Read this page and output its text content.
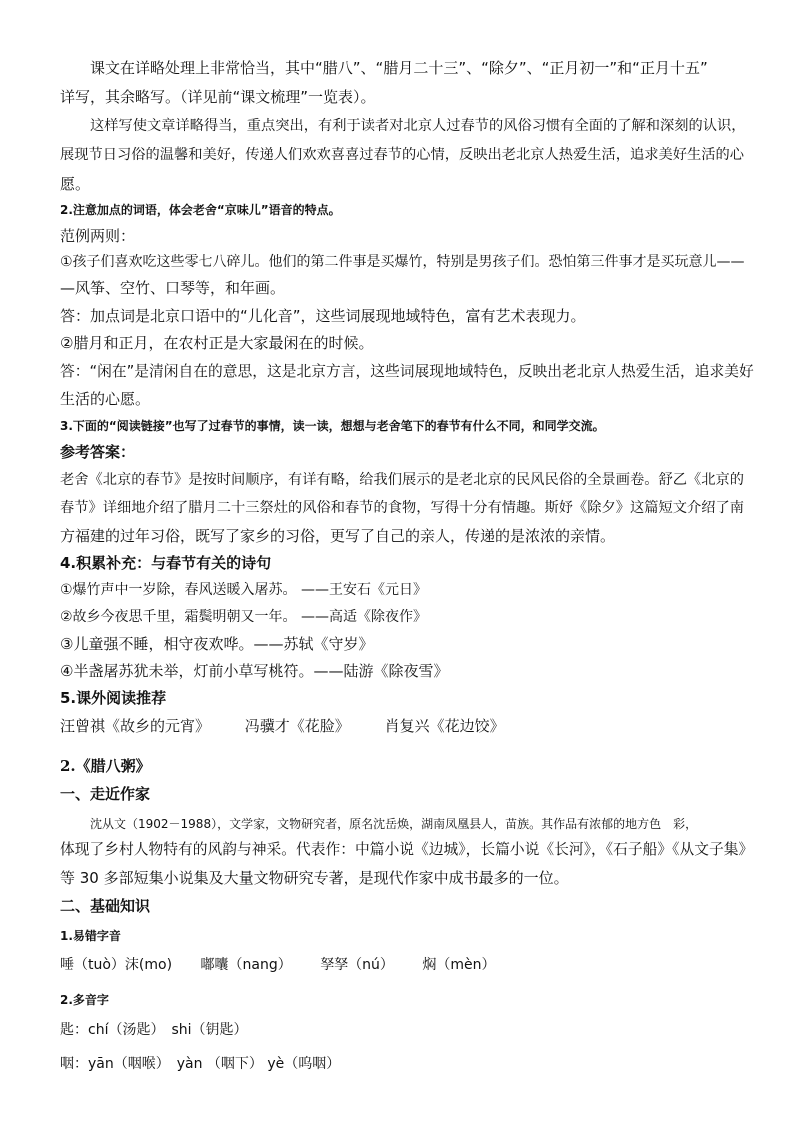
课文在详略处理上非常恰当，其中“腊八”、“腊月二十三”、“除夕”、“正月初一”和“正月十五”
详写，其余略写。（详见前“课文梳理”一览表）。
这样写使文章详略得当，重点突出，有利于读者对北京人过春节的风俗习惯有全面的了解和深刻的认识，
展现节日习俗的温馨和美好，传递人们欢欢喜喜过春节的心情，反映出老北京人热爱生活，追求美好生活的心
愿。
2.注意加点的词语，体会老舍“京味儿”语音的特点。
范例两则：
①孩子们喜欢吃这些零七八碎儿。他们的第二件事是买爆竹，特别是男孩子们。恐怕第三件事才是买玩意儿——
—风筝、空竹、口琴等，和年画。
答：加点词是北京口语中的“儿化音”，这些词展现地域特色，富有艺术表现力。
②腊月和正月，在农村正是大家最闲在的时候。
答：“闲在”是清闲自在的意思，这是北京方言，这些词展现地域特色，反映出老北京人热爱生活，追求美好
生活的心愿。
3.下面的“阅读链接”也写了过春节的事情，读一读，想想与老舍笔下的春节有什么不同，和同学交流。
参考答案：
老舍《北京的春节》是按时间顺序，有详有略，给我们展示的是老北京的民风民俗的全景画卷。舒乙《北京的
春节》详细地介绍了腊月二十三祭灶的风俗和春节的食物，写得十分有情趣。斯妤《除夕》这篇短文介绍了南
方福建的过年习俗，既写了家乡的习俗，更写了自己的亲人，传递的是浓浓的亲情。
4.积累补充：与春节有关的诗句
①爆竹声中一岁除，春风送暖入屠苏。 ——王安石《元日》
②故乡今夜思千里，霜鬓明朝又一年。 ——高适《除夜作》
③儿童强不睡，相守夜欢哗。——苏轼《守岁》
④半盏屠苏犹未举，灯前小草写桃符。——陆游《除夜雪》
5.课外阅读推荐
汪曾祺《故乡的元宵》 冯骥才《花脸》 肖复兴《花边饺》
2.《腊八粥》
一、走近作家
沈从文（1902－1988），文学家，文物研究者，原名沈岳焕，湖南凤凰县人，苗族。其作品有浓郁的地方色　彩，
体现了乡村人物特有的风韵与神采。代表作：中篇小说《边城》，长篇小说《长河》，《石子船》《从文子集》
等 30 多部短集小说集及大量文物研究专著，是现代作家中成书最多的一位。
二、基础知识
1.易错字音
唾（tuò）沫(mo) 嘟囔（nang） 孥孥（nú） 焖（mèn）
2.多音字
匙：chí（汤匙）　shi（钥匙）
咽：yān（咽喉）　yàn （咽下） yè（呜咽）
